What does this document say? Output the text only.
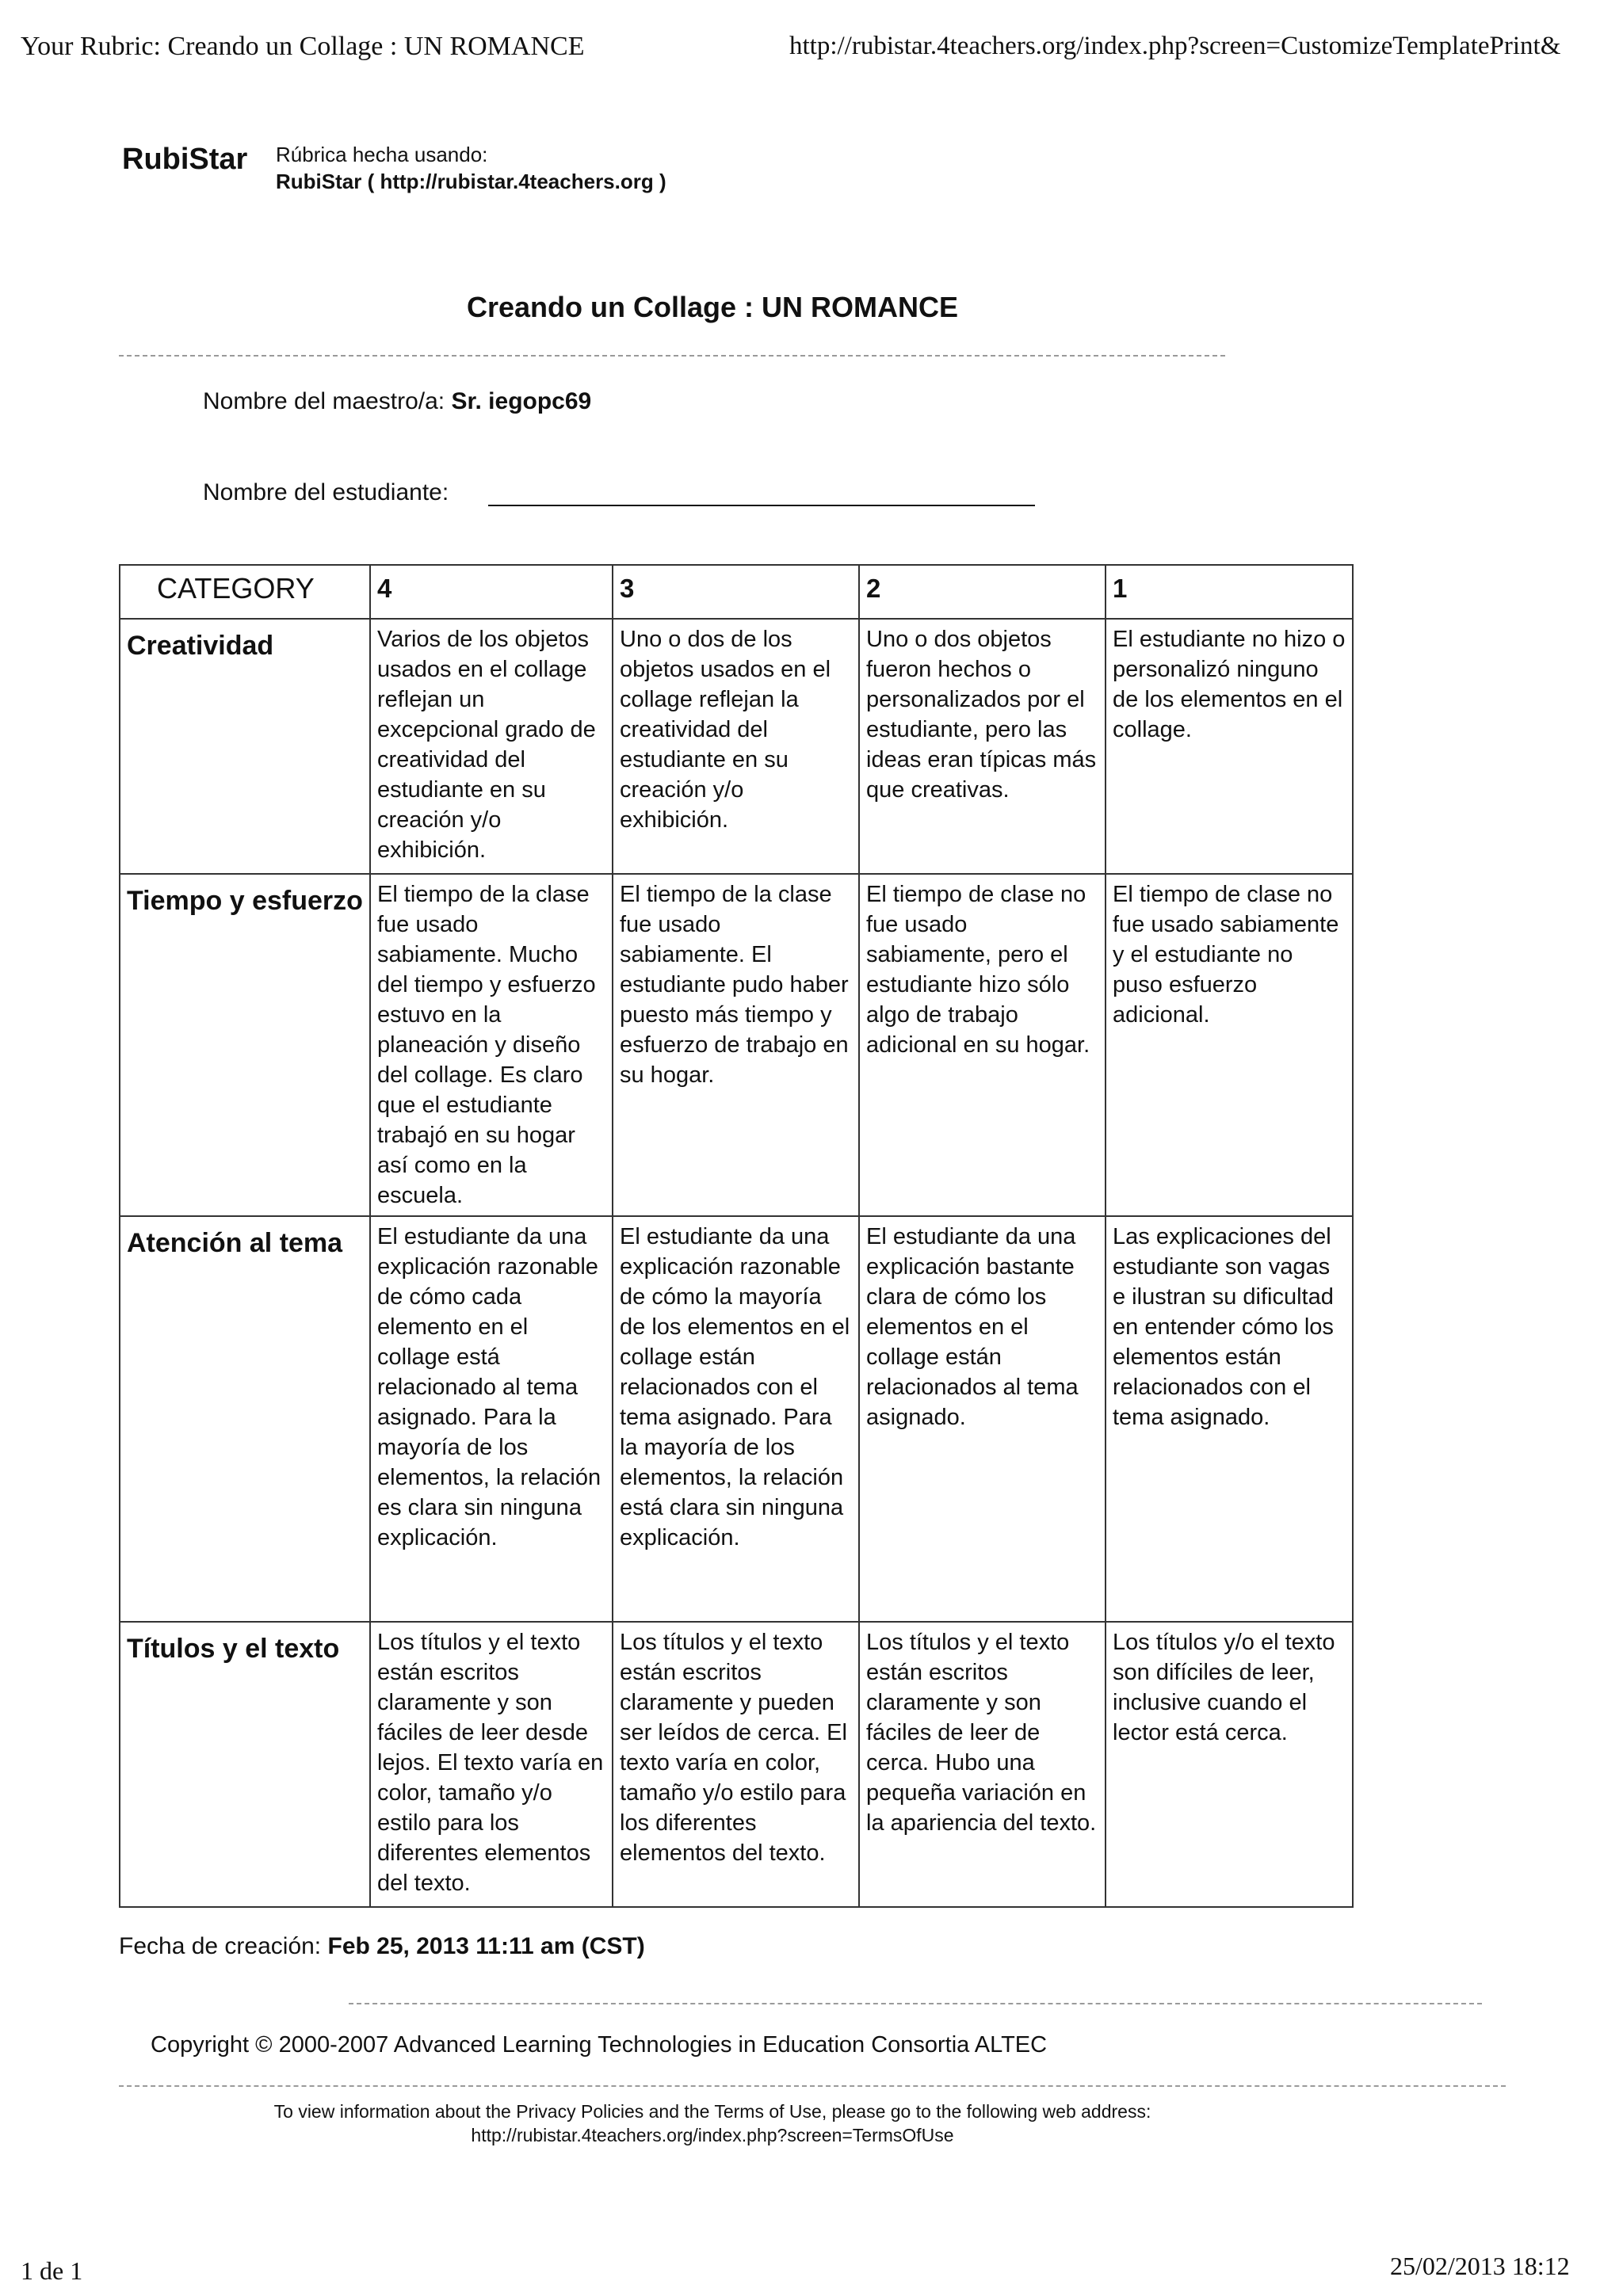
Your Rubric: Creando un Collage : UN ROMANCE	http://rubistar.4teachers.org/index.php?screen=CustomizeTemplatePrint&
RubiStar Rúbrica hecha usando:
RubiStar ( http://rubistar.4teachers.org )
Creando un Collage : UN ROMANCE
Nombre del maestro/a: Sr. iegopc69
Nombre del estudiante:
CATEGORY	4	3	2	1
Creatividad	Varios de los objetos usados en el collage reflejan un excepcional grado de creatividad del estudiante en su creación y/o exhibición.	Uno o dos de los objetos usados en el collage reflejan la creatividad del estudiante en su creación y/o exhibición.	Uno o dos objetos fueron hechos o personalizados por el estudiante, pero las ideas eran típicas más que creativas.	El estudiante no hizo o personalizó ninguno de los elementos en el collage.
Tiempo y esfuerzo	El tiempo de la clase fue usado sabiamente. Mucho del tiempo y esfuerzo estuvo en la planeación y diseño del collage. Es claro que el estudiante trabajó en su hogar así como en la escuela.	El tiempo de la clase fue usado sabiamente. El estudiante pudo haber puesto más tiempo y esfuerzo de trabajo en su hogar.	El tiempo de clase no fue usado sabiamente, pero el estudiante hizo sólo algo de trabajo adicional en su hogar.	El tiempo de clase no fue usado sabiamente y el estudiante no puso esfuerzo adicional.
Atención al tema	El estudiante da una explicación razonable de cómo cada elemento en el collage está relacionado al tema asignado. Para la mayoría de los elementos, la relación es clara sin ninguna explicación.	El estudiante da una explicación razonable de cómo la mayoría de los elementos en el collage están relacionados con el tema asignado. Para la mayoría de los elementos, la relación está clara sin ninguna explicación.	El estudiante da una explicación bastante clara de cómo los elementos en el collage están relacionados al tema asignado.	Las explicaciones del estudiante son vagas e ilustran su dificultad en entender cómo los elementos están relacionados con el tema asignado.
Títulos y el texto	Los títulos y el texto están escritos claramente y son fáciles de leer desde lejos. El texto varía en color, tamaño y/o estilo para los diferentes elementos del texto.	Los títulos y el texto están escritos claramente y pueden ser leídos de cerca. El texto varía en color, tamaño y/o estilo para los diferentes elementos del texto.	Los títulos y el texto están escritos claramente y son fáciles de leer de cerca. Hubo una pequeña variación en la apariencia del texto.	Los títulos y/o el texto son difíciles de leer, inclusive cuando el lector está cerca.
Fecha de creación: Feb 25, 2013 11:11 am (CST)
Copyright © 2000-2007 Advanced Learning Technologies in Education Consortia ALTEC
To view information about the Privacy Policies and the Terms of Use, please go to the following web address:
http://rubistar.4teachers.org/index.php?screen=TermsOfUse
1 de 1	25/02/2013 18:12
